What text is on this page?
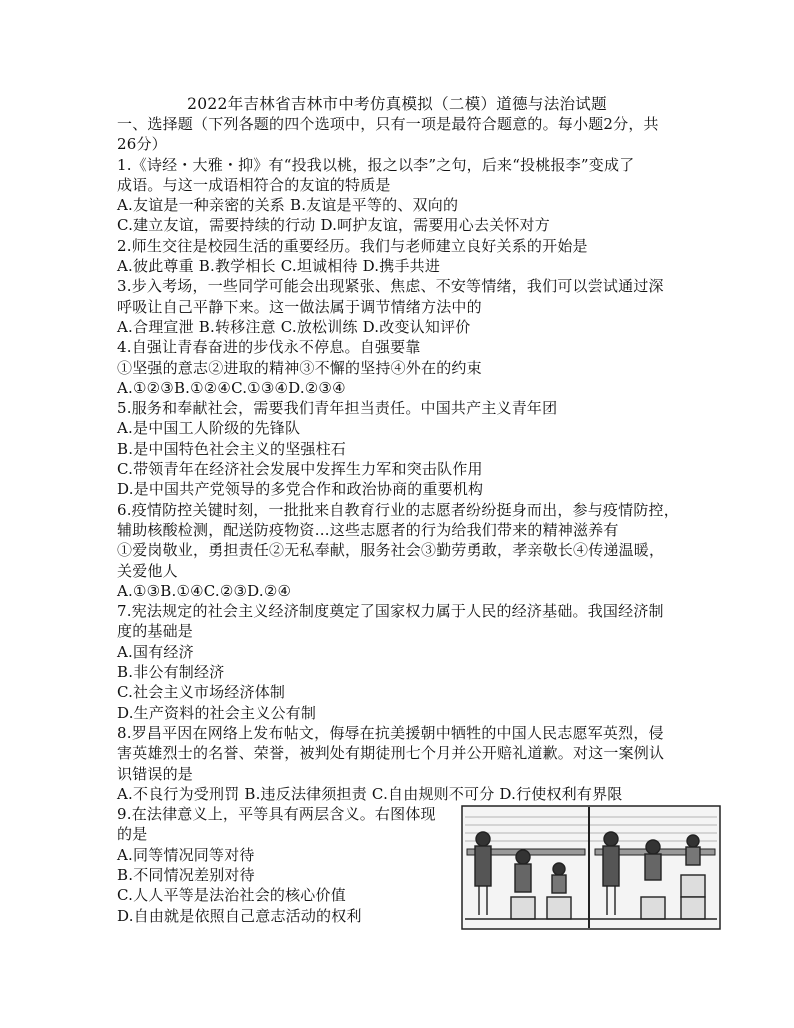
2022年吉林省吉林市中考仿真模拟（二模）道德与法治试题
一、选择题（下列各题的四个选项中，只有一项是最符合题意的。每小题2分，共
26分）
1.《诗经・大雅・抑》有“投我以桃，报之以李”之句，后来“投桃报李”变成了
成语。与这一成语相符合的友谊的特质是
A.友谊是一种亲密的关系 B.友谊是平等的、双向的
C.建立友谊，需要持续的行动 D.呵护友谊，需要用心去关怀对方
2.师生交往是校园生活的重要经历。我们与老师建立良好关系的开始是
A.彼此尊重 B.教学相长 C.坦诚相待 D.携手共进
3.步入考场，一些同学可能会出现紧张、焦虑、不安等情绪，我们可以尝试通过深
呼吸让自己平静下来。这一做法属于调节情绪方法中的
A.合理宣泄 B.转移注意 C.放松训练 D.改变认知评价
4.自强让青春奋进的步伐永不停息。自强要靠
①坚强的意志②进取的精神③不懈的坚持④外在的约束
A.①②③B.①②④C.①③④D.②③④
5.服务和奉献社会，需要我们青年担当责任。中国共产主义青年团
A.是中国工人阶级的先锋队
B.是中国特色社会主义的坚强柱石
C.带领青年在经济社会发展中发挥生力军和突击队作用
D.是中国共产党领导的多党合作和政治协商的重要机构
6.疫情防控关键时刻，一批批来自教育行业的志愿者纷纷挺身而出，参与疫情防控，
辅助核酸检测，配送防疫物资…这些志愿者的行为给我们带来的精神滋养有
①爱岗敬业，勇担责任②无私奉献，服务社会③勤劳勇敢，孝亲敬长④传递温暖，
关爱他人
A.①③B.①④C.②③D.②④
7.宪法规定的社会主义经济制度奠定了国家权力属于人民的经济基础。我国经济制
度的基础是
A.国有经济
B.非公有制经济
C.社会主义市场经济体制
D.生产资料的社会主义公有制
8.罗昌平因在网络上发布帖文，侮辱在抗美援朝中牺牲的中国人民志愿军英烈，侵
害英雄烈士的名誉、荣誉，被判处有期徒刑七个月并公开赔礼道歉。对这一案例认
识错误的是
A.不良行为受刑罚 B.违反法律须担责 C.自由规则不可分 D.行使权利有界限
9.在法律意义上，平等具有两层含义。右图体现
的是
A.同等情况同等对待
B.不同情况差别对待
C.人人平等是法治社会的核心价值
D.自由就是依照自己意志活动的权利
